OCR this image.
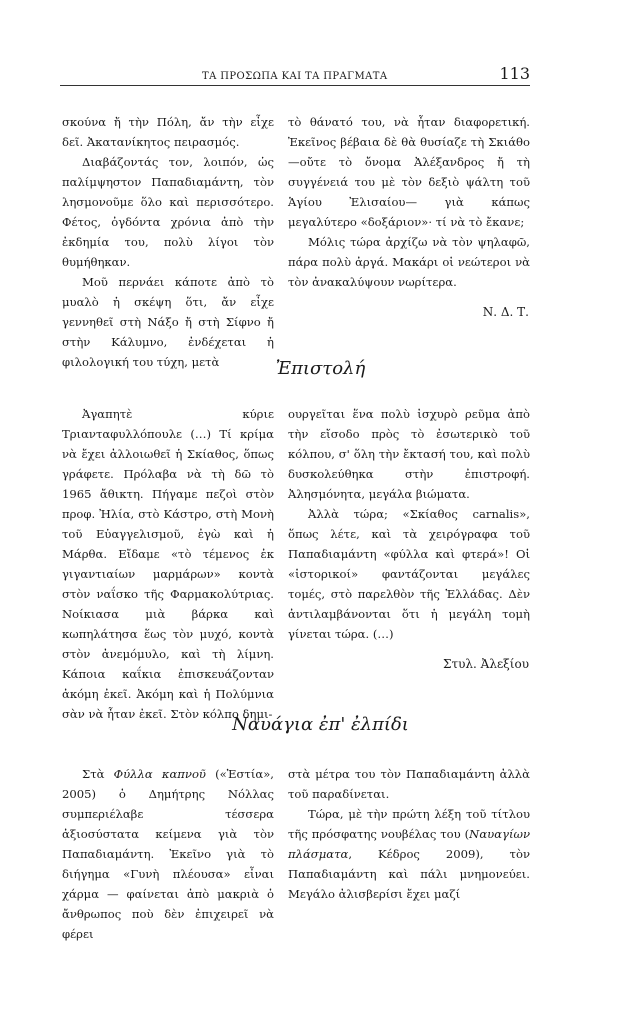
ΤΑ ΠΡΟΣΩΠΑ ΚΑΙ ΤΑ ΠΡΑΓΜΑΤΑ	113

σκούνα ἤ τὴν Πόλη, ἄν τὴν εἶχε δεῖ. Ἀκατανίκητος πειρασμός.

Διαβάζοντάς τον, λοιπόν, ὡς παλίμψηστον Παπαδιαμάντη, τὸν λησμονοῦμε ὅλο καὶ περισσότερο. Φέτος, ὀγδόντα χρόνια ἀπὸ τὴν ἐκδημία του, πολὺ λίγοι τὸν θυμήθηκαν.

Μοῦ περνάει κάποτε ἀπὸ τὸ μυαλὸ ἡ σκέψη ὅτι, ἄν εἶχε γεννηθεῖ στὴ Νάξο ἤ στὴ Σίφνο ἤ στὴν Κάλυμνο, ἐνδέχεται ἡ φιλολογική του τύχη, μετὰ

τὸ θάνατό του, νὰ ἦταν διαφορετική. Ἐκεῖνος βέβαια δὲ θὰ θυσίαζε τὴ Σκιάθο —οὔτε τὸ ὄνομα Ἀλέξανδρος ἤ τὴ συγγένειά του μὲ τὸν δεξιὸ ψάλτη τοῦ Ἁγίου Ἐλισαίου— γιὰ κάπως μεγαλύτερο «δοξάριον»· τί νὰ τὸ ἔκανε;

Μόλις τώρα ἀρχίζω νὰ τὸν ψηλαφῶ, πάρα πολὺ ἀργά. Μακάρι οἱ νεώτεροι νὰ τὸν ἀνακαλύψουν νωρίτερα.

Ν. Δ. Τ.
Ἐπιστολή

Ἀγαπητὲ κύριε Τριανταφυλλόπουλε (…) Τί κρίμα νὰ ἔχει ἀλλοιωθεῖ ἡ Σκίαθος, ὅπως γράφετε. Πρόλαβα νὰ τὴ δῶ τὸ 1965 ἄθικτη. Πήγαμε πεζοὶ στὸν προφ. Ἠλία, στὸ Κάστρο, στὴ Μονὴ τοῦ Εὐαγγελισμοῦ, ἐγὼ καὶ ἡ Μάρθα. Εἴδαμε «τὸ τέμενος ἐκ γιγαντιαίων μαρμάρων» κοντὰ στὸν ναΐσκο τῆς Φαρμακολύτριας. Νοίκιασα μιὰ βάρκα καὶ κωπηλάτησα ἕως τὸν μυχό, κοντὰ στὸν ἀνεμόμυλο, καὶ τὴ λίμνη. Κάποια καΐκια ἐπισκευάζονταν ἀκόμη ἐκεῖ. Ἀκόμη καὶ ἡ Πολύμνια σὰν νὰ ἦταν ἐκεῖ. Στὸν κόλπο δημι-

ουργεῖται ἕνα πολὺ ἰσχυρὸ ρεῦμα ἀπὸ τὴν εἴσοδο πρὸς τὸ ἐσωτερικὸ τοῦ κόλπου, σ' ὅλη τὴν ἔκτασή του, καὶ πολὺ δυσκολεύθηκα στὴν ἐπιστροφή. Ἀλησμόνητα, μεγάλα βιώματα.

Ἀλλὰ τώρα; «Σκίαθος carnalis», ὅπως λέτε, καὶ τὰ χειρόγραφα τοῦ Παπαδιαμάντη «φύλλα καὶ φτερά»! Οἱ «ἱστορικοί» φαντάζονται μεγάλες τομές, στὸ παρελθὸν τῆς Ἑλλάδας. Δὲν ἀντιλαμβάνονται ὅτι ἡ μεγάλη τομὴ γίνεται τώρα. (…)

Στυλ. Ἀλεξίου
Ναυάγια ἐπ' ἐλπίδι

Στὰ Φύλλα καπνοῦ («Ἑστία», 2005) ὁ Δημήτρης Νόλλας συμπεριέλαβε τέσσερα ἀξιοσύστατα κείμενα γιὰ τὸν Παπαδιαμάντη. Ἐκεῖνο γιὰ τὸ διήγημα «Γυνὴ πλέουσα» εἶναι χάρμα — φαίνεται ἀπὸ μακριὰ ὁ ἄνθρωπος ποὺ δὲν ἐπιχειρεῖ νὰ φέρει

στὰ μέτρα του τὸν Παπαδιαμάντη ἀλλὰ τοῦ παραδίνεται.

Τώρα, μὲ τὴν πρώτη λέξη τοῦ τίτλου τῆς πρόσφατης νουβέλας του (Ναυαγίων πλάσματα, Κέδρος 2009), τὸν Παπαδιαμάντη καὶ πάλι μνημονεύει. Μεγάλο ἀλισβερίσι ἔχει μαζί
